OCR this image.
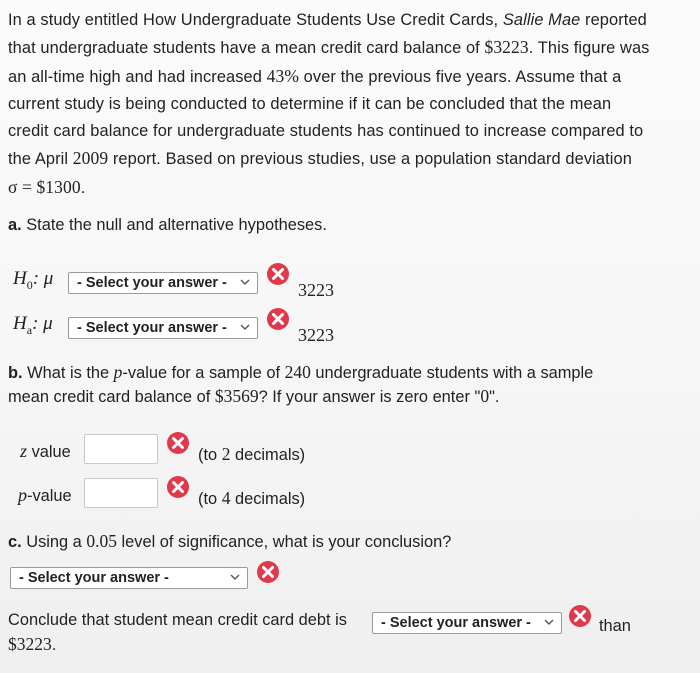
In a study entitled How Undergraduate Students Use Credit Cards, Sallie Mae reported
that undergraduate students have a mean credit card balance of $3223. This figure was
an all-time high and had increased 43% over the previous five years. Assume that a
current study is being conducted to determine if it can be concluded that the mean
credit card balance for undergraduate students has continued to increase compared to
the April 2009 report. Based on previous studies, use a population standard deviation
σ = $1300.
a. State the null and alternative hypotheses.
$H_0$: μ - Select your answer -	3223
$H_a$: μ - Select your answer -	3223
b. What is the p-value for a sample of 240 undergraduate students with a sample
mean credit card balance of $3569? If your answer is zero enter "0".
z value	(to 2 decimals)
p-value	(to 4 decimals)
c. Using a 0.05 level of significance, what is your conclusion?
- Select your answer -
Conclude that student mean credit card debt is - Select your answer -	than
$3223.
